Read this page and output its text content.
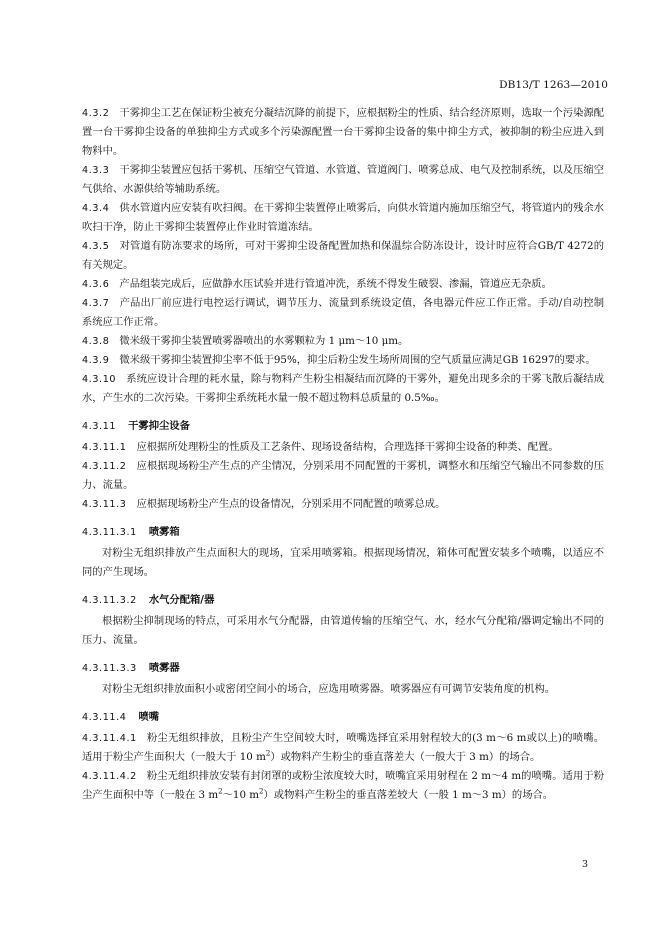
DB13/T 1263—2010

4.3.2 干雾抑尘工艺在保证粉尘被充分凝结沉降的前提下，应根据粉尘的性质、结合经济原则，选取一个污染源配置一台干雾抑尘设备的单独抑尘方式或多个污染源配置一台干雾抑尘设备的集中抑尘方式，被抑制的粉尘应进入到物料中。

4.3.3 干雾抑尘装置应包括干雾机、压缩空气管道、水管道、管道阀门、喷雾总成、电气及控制系统，以及压缩空气供给、水源供给等辅助系统。

4.3.4 供水管道内应安装有吹扫阀。在干雾抑尘装置停止喷雾后，向供水管道内施加压缩空气，将管道内的残余水吹扫干净，防止干雾抑尘装置停止作业时管道冻结。

4.3.5 对管道有防冻要求的场所，可对干雾抑尘设备配置加热和保温综合防冻设计，设计时应符合GB/T 4272的有关规定。

4.3.6 产品组装完成后，应做静水压试验并进行管道冲洗，系统不得发生破裂、渗漏，管道应无杂质。

4.3.7 产品出厂前应进行电控运行调试，调节压力、流量到系统设定值，各电器元件应工作正常。手动/自动控制系统应工作正常。

4.3.8 微米级干雾抑尘装置喷雾器喷出的水雾颗粒为 1 μm～10 μm。

4.3.9 微米级干雾抑尘装置抑尘率不低于95%，抑尘后粉尘发生场所周围的空气质量应满足GB 16297的要求。

4.3.10 系统应设计合理的耗水量，除与物料产生粉尘相凝结而沉降的干雾外，避免出现多余的干雾飞散后凝结成水，产生水的二次污染。干雾抑尘系统耗水量一般不超过物料总质量的 0.5‰。

4.3.11 干雾抑尘设备

4.3.11.1 应根据所处理粉尘的性质及工艺条件、现场设备结构，合理选择干雾抑尘设备的种类、配置。

4.3.11.2 应根据现场粉尘产生点的产尘情况，分别采用不同配置的干雾机，调整水和压缩空气输出不同参数的压力、流量。

4.3.11.3 应根据现场粉尘产生点的设备情况，分别采用不同配置的喷雾总成。

4.3.11.3.1 喷雾箱

对粉尘无组织排放产生点面积大的现场，宜采用喷雾箱。根据现场情况，箱体可配置安装多个喷嘴，以适应不同的产生现场。

4.3.11.3.2 水气分配箱/器

根据粉尘抑制现场的特点，可采用水气分配器，由管道传输的压缩空气、水，经水气分配箱/器调定输出不同的压力、流量。

4.3.11.3.3 喷雾器

对粉尘无组织排放面积小或密闭空间小的场合，应选用喷雾器。喷雾器应有可调节安装角度的机构。

4.3.11.4 喷嘴

4.3.11.4.1 粉尘无组织排放，且粉尘产生空间较大时，喷嘴选择宜采用射程较大的(3 m～6 m或以上)的喷嘴。适用于粉尘产生面积大（一般大于 10 $m^2$）或物料产生粉尘的垂直落差大（一般大于 3 m）的场合。

4.3.11.4.2 粉尘无组织排放安装有封闭罩的或粉尘浓度较大时，喷嘴宜采用射程在 2 m～4 m的喷嘴。适用于粉尘产生面积中等（一般在 3 $m^2\sim 10$ $m^2$）或物料产生粉尘的垂直落差较大（一般 1 m～3 m）的场合。

3
